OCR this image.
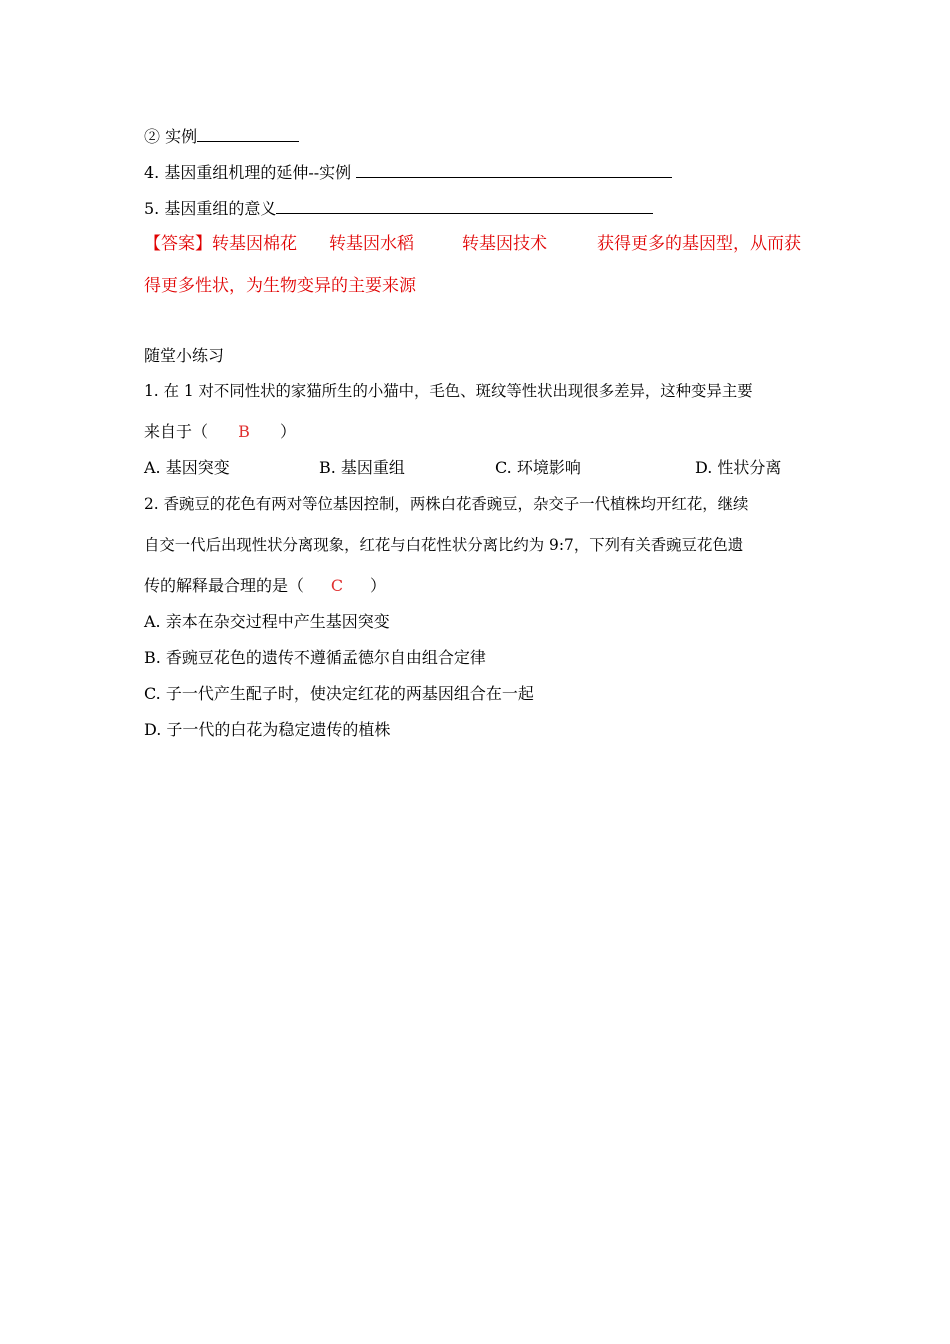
② 实例
4. 基因重组机理的延伸--实例
5. 基因重组的意义
【答案】转基因棉花 转基因水稻	转基因技术	获得更多的基因型，从而获
得更多性状，为生物变异的主要来源
随堂小练习
1. 在 1 对不同性状的家猫所生的小猫中，毛色、斑纹等性状出现很多差异，这种变异主要
来自于（ B ）
A. 基因突变	B. 基因重组	C. 环境影响	D. 性状分离
2. 香豌豆的花色有两对等位基因控制，两株白花香豌豆，杂交子一代植株均开红花，继续
自交一代后出现性状分离现象，红花与白花性状分离比约为 9:7，下列有关香豌豆花色遗
传的解释最合理的是（ C ）
A. 亲本在杂交过程中产生基因突变
B. 香豌豆花色的遗传不遵循孟德尔自由组合定律
C. 子一代产生配子时，使决定红花的两基因组合在一起
D. 子一代的白花为稳定遗传的植株
